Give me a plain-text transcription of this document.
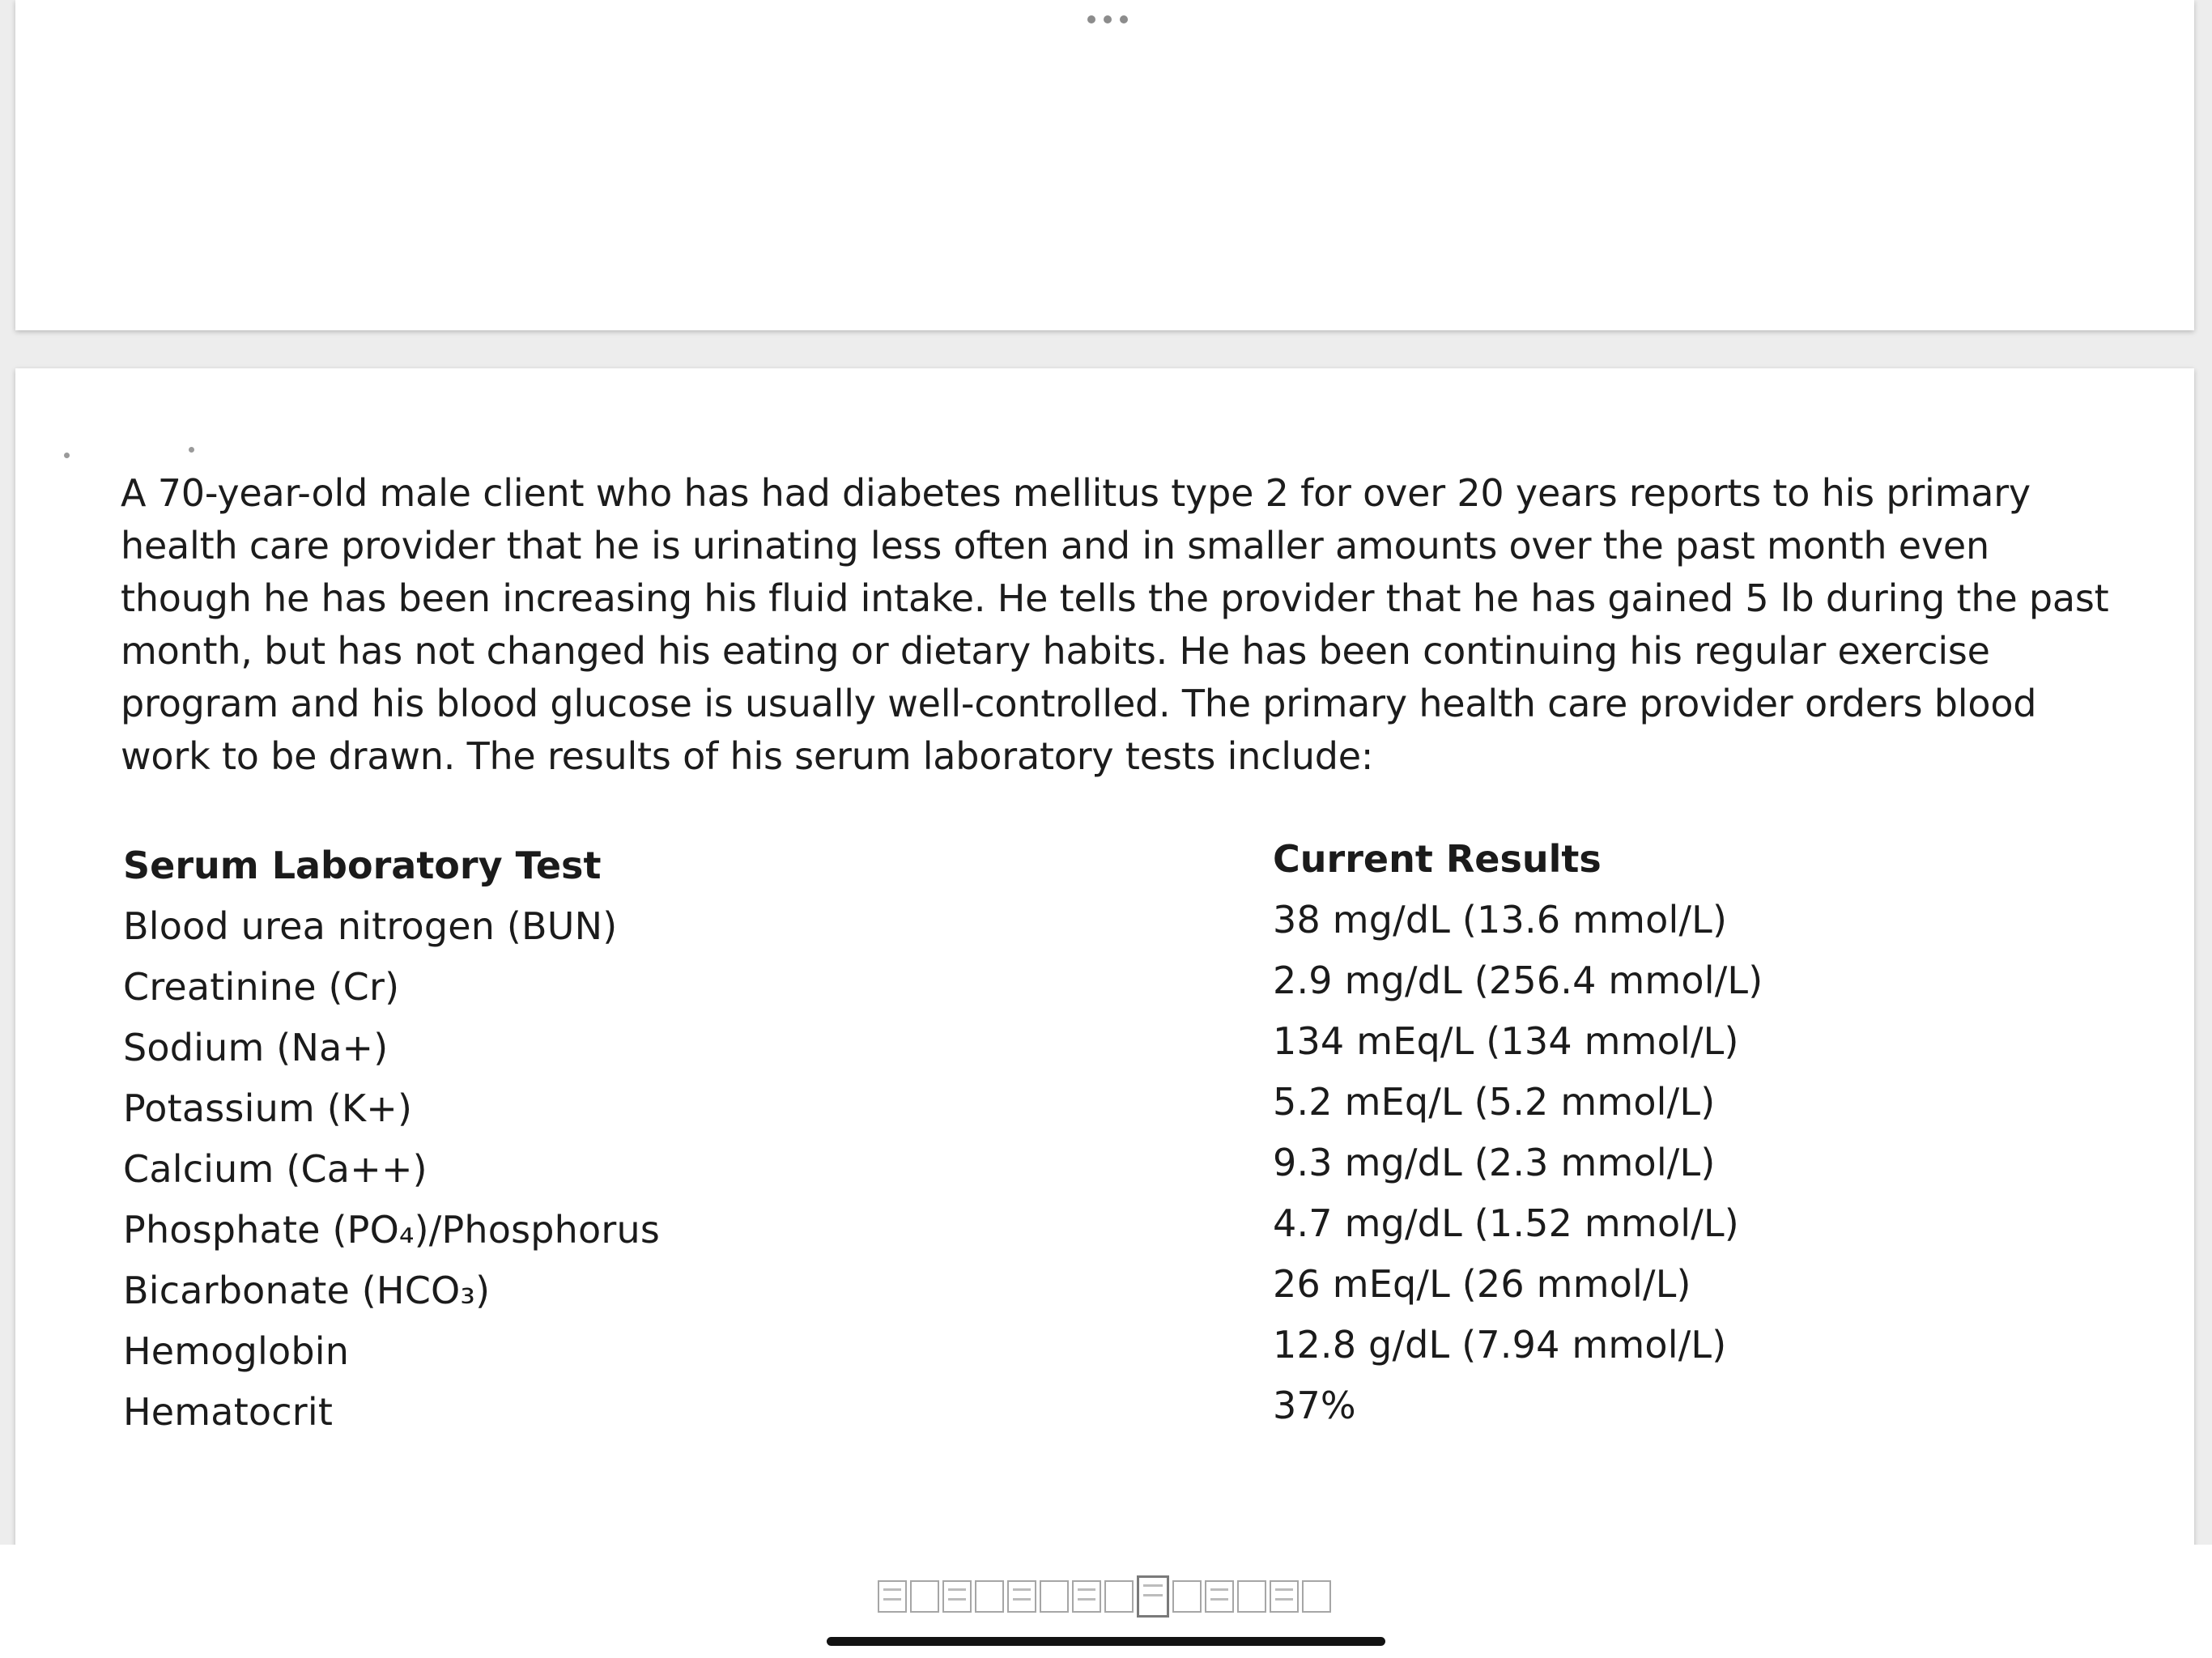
A 70-year-old male client who has had diabetes mellitus type 2 for over 20 years reports to his primary health care provider that he is urinating less often and in smaller amounts over the past month even though he has been increasing his fluid intake. He tells the provider that he has gained 5 lb during the past month, but has not changed his eating or dietary habits. He has been continuing his regular exercise program and his blood glucose is usually well-controlled. The primary health care provider orders blood work to be drawn. The results of his serum laboratory tests include:

Serum Laboratory Test	Current Results
Blood urea nitrogen (BUN)	38 mg/dL (13.6 mmol/L)
Creatinine (Cr)	2.9 mg/dL (256.4 mmol/L)
Sodium (Na+)	134 mEq/L (134 mmol/L)
Potassium (K+)	5.2 mEq/L (5.2 mmol/L)
Calcium (Ca++)	9.3 mg/dL (2.3 mmol/L)
Phosphate (PO₄)/Phosphorus	4.7 mg/dL (1.52 mmol/L)
Bicarbonate (HCO₃)	26 mEq/L (26 mmol/L)
Hemoglobin	12.8 g/dL (7.94 mmol/L)
Hematocrit	37%
